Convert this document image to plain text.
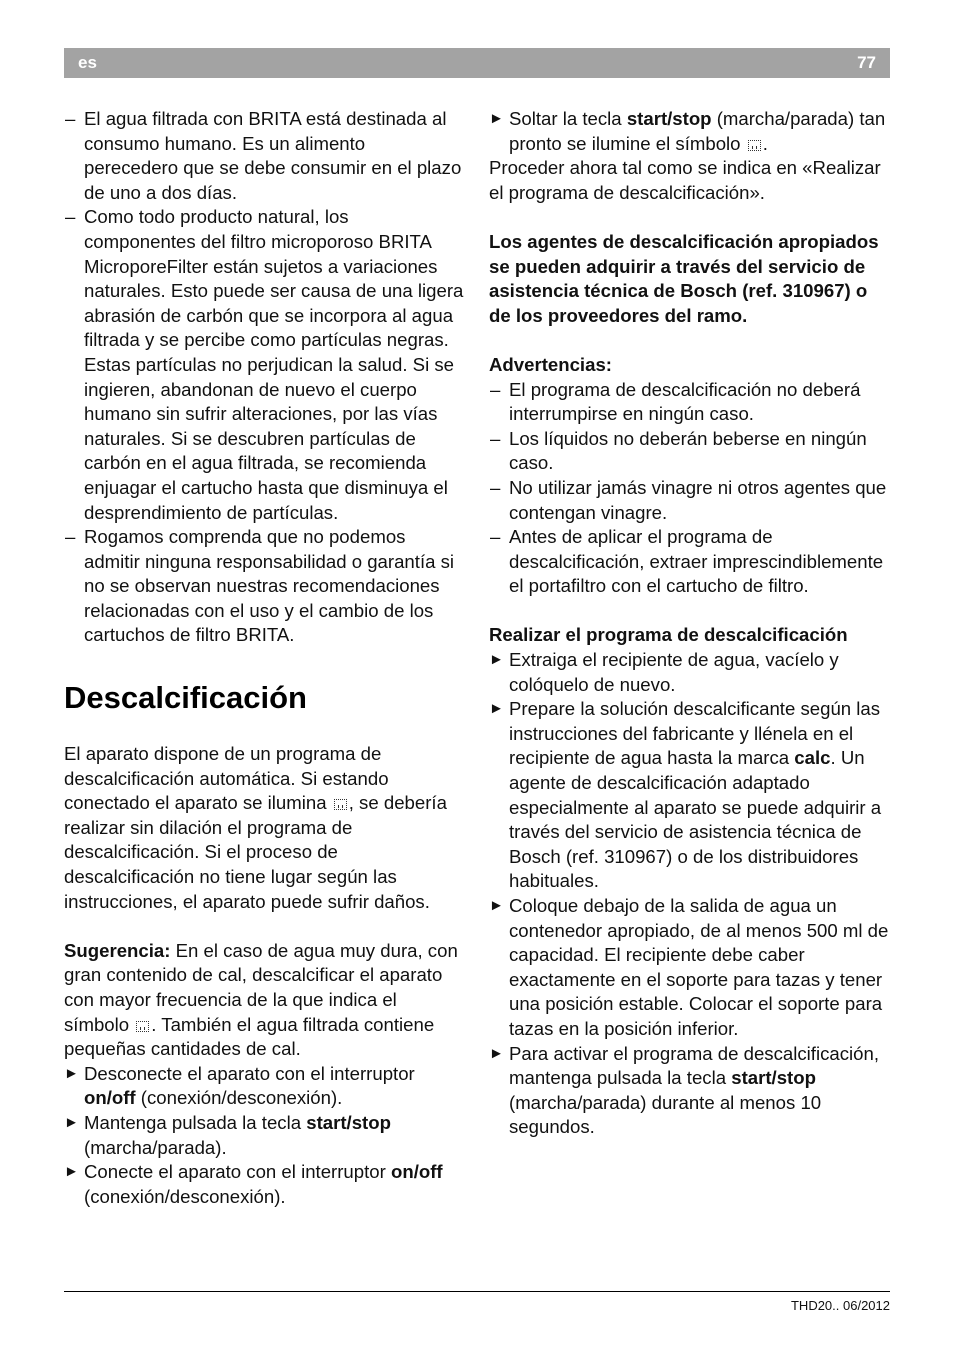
es	77
– El agua filtrada con BRITA está destinada al consumo humano. Es un alimento perecedero que se debe consumir en el plazo de uno a dos días.
– Como todo producto natural, los componentes del filtro microporoso BRITA MicroporeFilter están sujetos a variaciones naturales. Esto puede ser causa de una ligera abrasión de carbón que se incorpora al agua filtrada y se percibe como partículas negras. Estas partículas no perjudican la salud. Si se ingieren, abandonan de nuevo el cuerpo humano sin sufrir alteraciones, por las vías naturales. Si se descubren partículas de carbón en el agua filtrada, se recomienda enjuagar el cartucho hasta que disminuya el desprendimiento de partículas.
– Rogamos comprenda que no podemos admitir ninguna responsabilidad o garantía si no se observan nuestras recomendaciones relacionadas con el uso y el cambio de los cartuchos de filtro BRITA.
Descalcificación

El aparato dispone de un programa de descalcificación automática. Si estando conectado el aparato se ilumina , se debería realizar sin dilación el programa de descalcificación. Si el proceso de descalcificación no tiene lugar según las instrucciones, el aparato puede sufrir daños.

Sugerencia: En el caso de agua muy dura, con gran contenido de cal, descalcificar el aparato con mayor frecuencia de la que indica el símbolo . También el agua filtrada contiene pequeñas cantidades de cal.

► Desconecte el aparato con el interruptor on/off (conexión/desconexión).
► Mantenga pulsada la tecla start/stop (marcha/parada).
► Conecte el aparato con el interruptor on/off (conexión/desconexión).
► Soltar la tecla start/stop (marcha/parada) tan pronto se ilumine el símbolo .

Proceder ahora tal como se indica en «Realizar el programa de descalcificación».

Los agentes de descalcificación apropiados se pueden adquirir a través del servicio de asistencia técnica de Bosch (ref. 310967) o de los proveedores del ramo.

Advertencias:

– El programa de descalcificación no deberá interrumpirse en ningún caso.
– Los líquidos no deberán beberse en ningún caso.
– No utilizar jamás vinagre ni otros agentes que contengan vinagre.
– Antes de aplicar el programa de descalcificación, extraer imprescindiblemente el portafiltro con el cartucho de filtro.

Realizar el programa de descalcificación

► Extraiga el recipiente de agua, vacíelo y colóquelo de nuevo.
► Prepare la solución descalcificante según las instrucciones del fabricante y llénela en el recipiente de agua hasta la marca calc. Un agente de descalcificación adaptado especialmente al aparato se puede adquirir a través del servicio de asistencia técnica de Bosch (ref. 310967) o de los distribuidores habituales.
► Coloque debajo de la salida de agua un contenedor apropiado, de al menos 500 ml de capacidad. El recipiente debe caber exactamente en el soporte para tazas y tener una posición estable. Colocar el soporte para tazas en la posición inferior.
► Para activar el programa de descalcificación, mantenga pulsada la tecla start/stop (marcha/parada) durante al menos 10 segundos.
THD20.. 06/2012
